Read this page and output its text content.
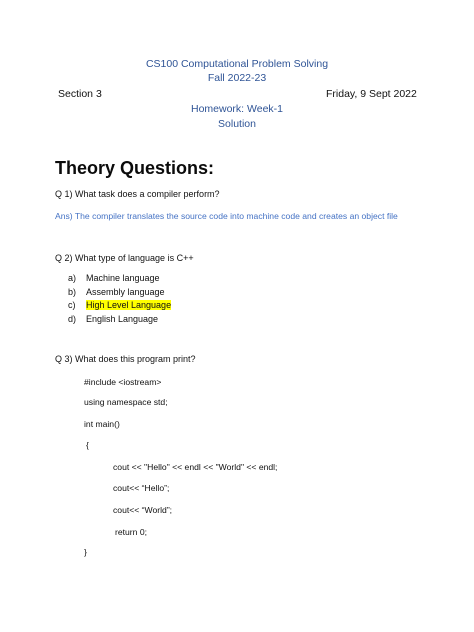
CS100 Computational Problem Solving
Fall 2022-23
Section 3	Friday, 9 Sept 2022
Homework: Week-1
Solution
Theory Questions:
Q 1) What task does a compiler perform?
Ans) The compiler translates the source code into machine code and creates an object file
Q 2) What type of language is C++
a) Machine language
b) Assembly language
c) High Level Language
d) English Language
Q 3) What does this program print?
#include <iostream>
using namespace std;
int main()
{
cout << "Hello" << endl << "World" << endl;
cout<< “Hello”;
cout<< “World”;
return 0;
}
